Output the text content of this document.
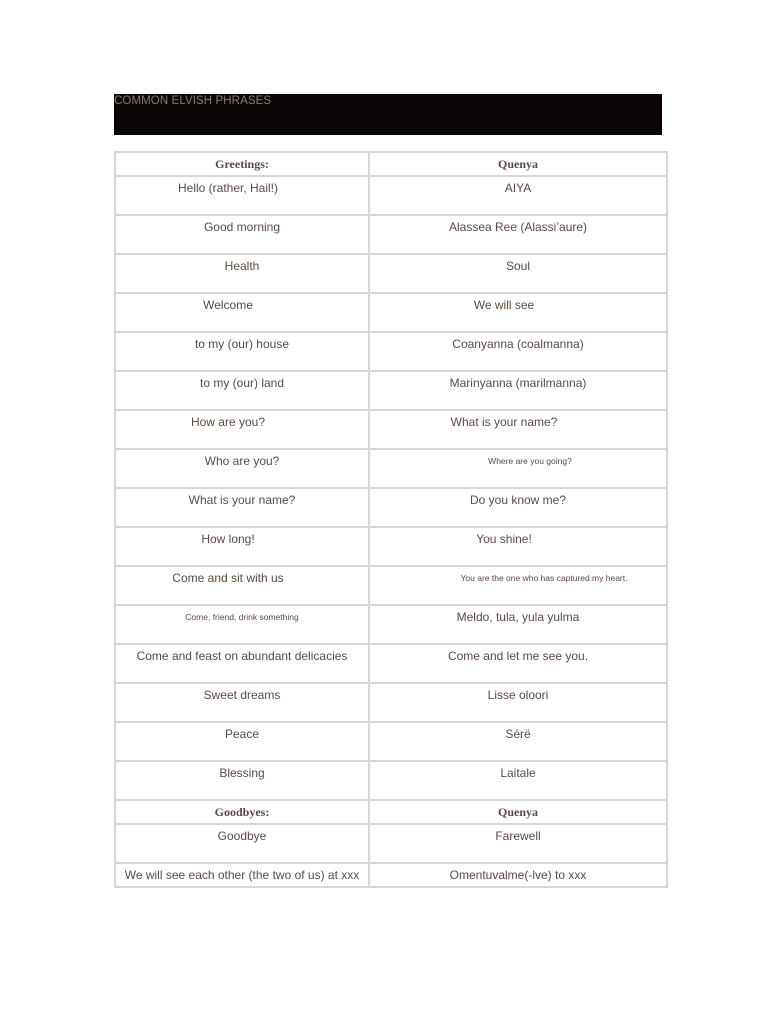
COMMON ELVISH PHRASES
Greetings:	Quenya

Hello (rather, Hail!)	AIYA

Good morning	Alassea Ree (Alassi’aure)

Health	Soul

Welcome	We will see

to my (our) house	Coanyanna (coalmanna)

to my (our) land	Marinyanna (marilmanna)

How are you?	What is your name?

Who are you?	Where are you going?

What is your name?	Do you know me?

How long!	You shine!

Come and sit with us	You are the one who has captured my heart.

Come, friend, drink something	Meldo, tula, yula yulma

Come and feast on abundant delicacies	Come and let me see you.

Sweet dreams	Lisse oloori

Peace	Sérë

Blessing	Laitale

Goodbyes:	Quenya

Goodbye	Farewell

We will see each other (the two of us) at xxx	Omentuvalme(-lve) to xxx
